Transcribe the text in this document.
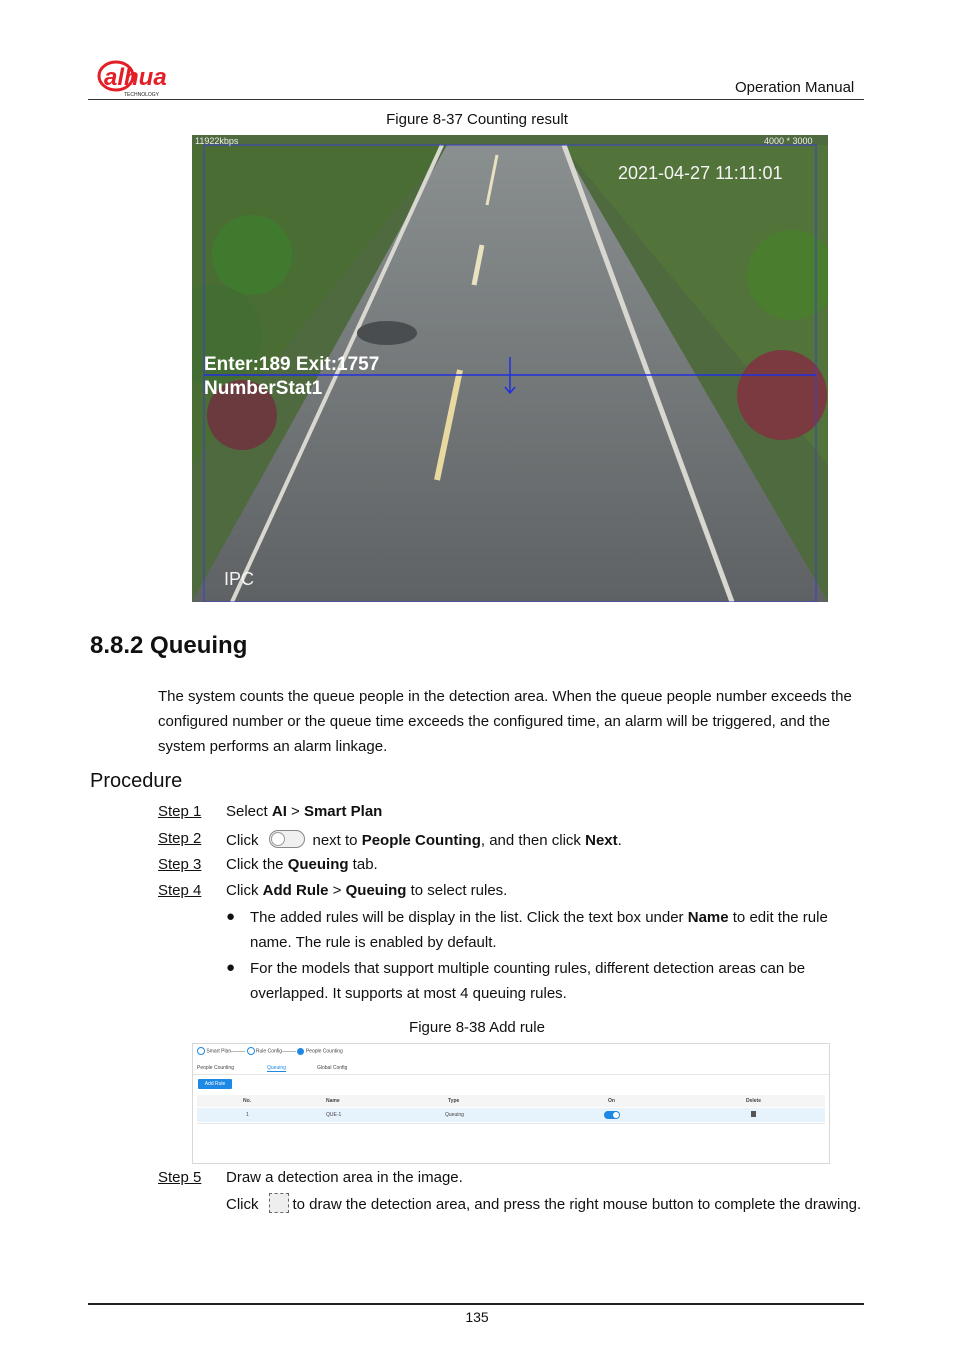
alhua
TECHNOLOGY	Operation Manual
Figure 8-37 Counting result
11922kbps	4000 * 3000
2021-04-27 11:11:01
Enter:189 Exit:1757
NumberStat1
IPC
8.8.2 Queuing
The system counts the queue people in the detection area. When the queue people number exceeds the configured number or the queue time exceeds the configured time, an alarm will be triggered, and the system performs an alarm linkage.
Procedure
Step 1 Select AI > Smart Plan
Step 2 Click	next to People Counting, and then click Next.
Step 3 Click the Queuing tab.
Step 4 Click Add Rule > Queuing to select rules.
● The added rules will be display in the list. Click the text box under Name to edit the rule name. The rule is enabled by default.
● For the models that support multiple counting rules, different detection areas can be overlapped. It supports at most 4 queuing rules.
Figure 8-38 Add rule
Smart Plan	Rule Config	People Counting
People Counting	Queuing	Global Config
Add Rule
No.	Name	Type	On	Delete
1	QUE-1	Queuing
Step 5 Draw a detection area in the image.
Click to draw the detection area, and press the right mouse button to complete the drawing.
135
